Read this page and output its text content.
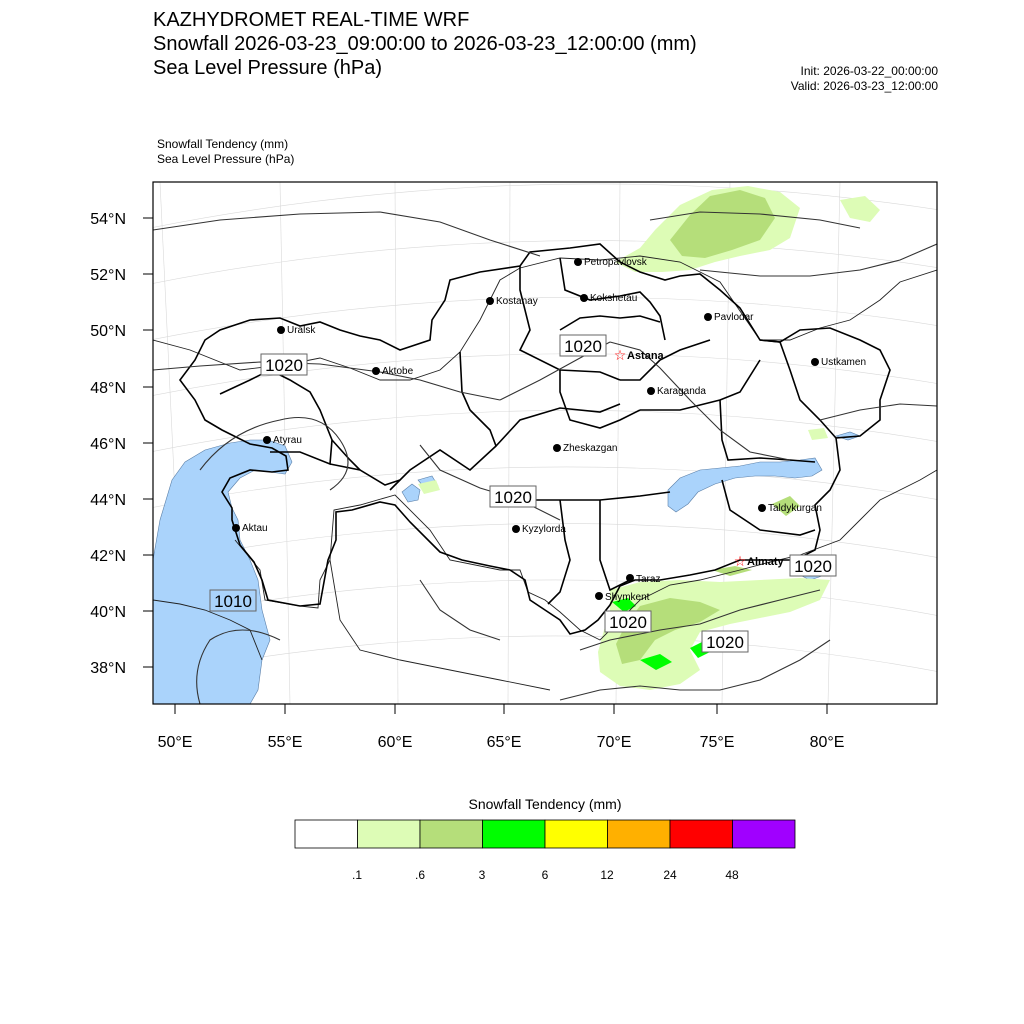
KAZHYDROMET REAL-TIME WRF
Snowfall 2026-03-23_09:00:00 to 2026-03-23_12:00:00 (mm)
Sea Level Pressure (hPa)	Init: 2026-03-22_00:00:00
Valid: 2026-03-23_12:00:00
Snowfall Tendency (mm)
Sea Level Pressure (hPa)
1020
1020
1020
1010
1020
1020
1020
Petropavlovsk
Kostanay	Kokshetau
Pavlodar
Uralsk
Aktobe
☆ Astana
Ustkamen
Karaganda
Atyrau
Zheskazgan
Taldykurgan
Aktau	Kyzylorda
☆ Almaty
Taraz
Shymkent
54°N
52°N
50°N
48°N
46°N
44°N
42°N
40°N
38°N
50°E	55°E	60°E	65°E	70°E	75°E	80°E
Snowfall Tendency (mm)
.1	.6	3	6	12	24	48
